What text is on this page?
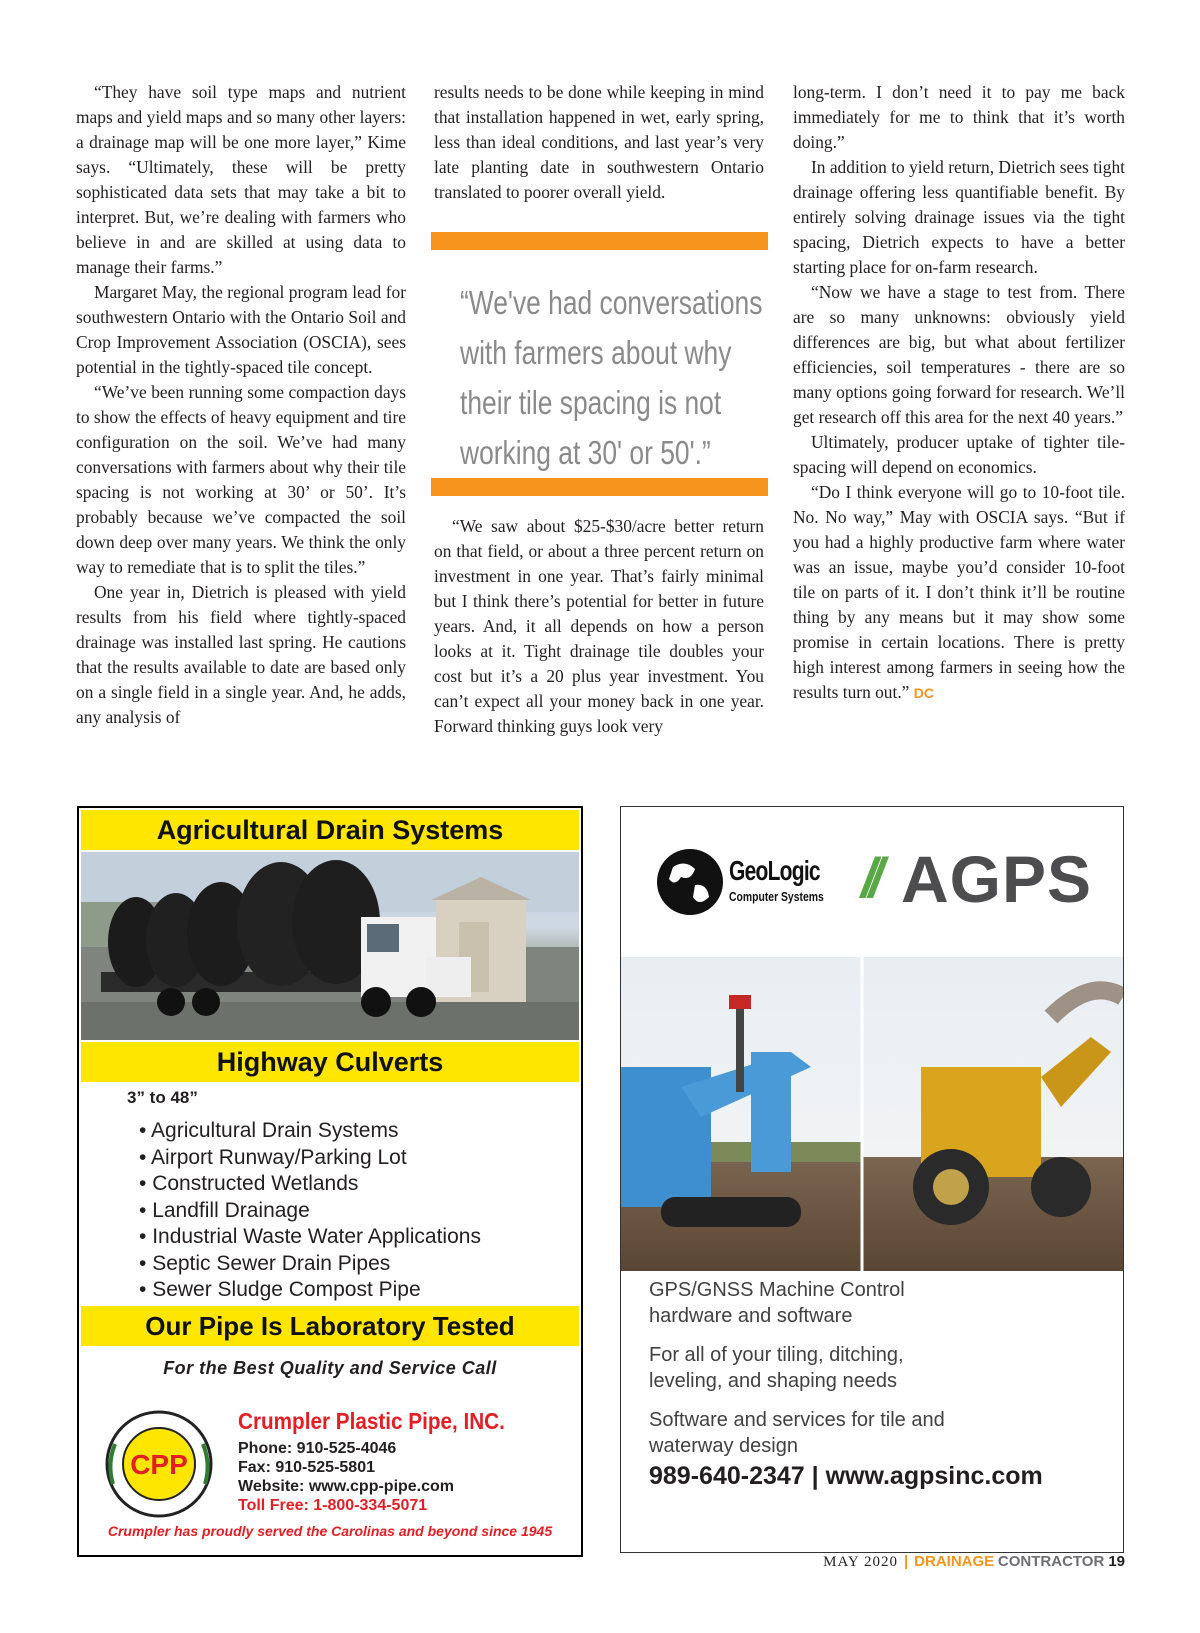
“They have soil type maps and nutrient maps and yield maps and so many other layers: a drainage map will be one more layer,” Kime says. “Ultimately, these will be pretty sophisticated data sets that may take a bit to interpret. But, we’re dealing with farmers who believe in and are skilled at using data to manage their farms.”

Margaret May, the regional program lead for southwestern Ontario with the Ontario Soil and Crop Improvement Association (OSCIA), sees potential in the tightly-spaced tile concept.

“We’ve been running some compaction days to show the effects of heavy equipment and tire configuration on the soil. We’ve had many conversations with farmers about why their tile spacing is not working at 30’ or 50’. It’s probably because we’ve compacted the soil down deep over many years. We think the only way to remediate that is to split the tiles.”

One year in, Dietrich is pleased with yield results from his field where tightly-spaced drainage was installed last spring. He cautions that the results available to date are based only on a single field in a single year. And, he adds, any analysis of

results needs to be done while keeping in mind that installation happened in wet, early spring, less than ideal conditions, and last year’s very late planting date in southwestern Ontario translated to poorer overall yield.

“We've had conversations with farmers about why their tile spacing is not working at 30' or 50'.”

“We saw about $25-$30/acre better return on that field, or about a three percent return on investment in one year. That’s fairly minimal but I think there’s potential for better in future years. And, it all depends on how a person looks at it. Tight drainage tile doubles your cost but it’s a 20 plus year investment. You can’t expect all your money back in one year. Forward thinking guys look very

long-term. I don’t need it to pay me back immediately for me to think that it’s worth doing.”

In addition to yield return, Dietrich sees tight drainage offering less quantifiable benefit. By entirely solving drainage issues via the tight spacing, Dietrich expects to have a better starting place for on-farm research.

“Now we have a stage to test from. There are so many unknowns: obviously yield differences are big, but what about fertilizer efficiencies, soil temperatures - there are so many options going forward for research. We’ll get research off this area for the next 40 years.”

Ultimately, producer uptake of tighter tile-spacing will depend on economics.

“Do I think everyone will go to 10-foot tile. No. No way,” May with OSCIA says. “But if you had a highly productive farm where water was an issue, maybe you’d consider 10-foot tile on parts of it. I don’t think it’ll be routine thing by any means but it may show some promise in certain locations. There is pretty high interest among farmers in seeing how the results turn out.” DC

Agricultural Drain Systems
Highway Culverts
3” to 48”
• Agricultural Drain Systems
• Airport Runway/Parking Lot
• Constructed Wetlands
• Landfill Drainage
• Industrial Waste Water Applications
• Septic Sewer Drain Pipes
• Sewer Sludge Compost Pipe
Our Pipe Is Laboratory Tested
For the Best Quality and Service Call
CPP
Crumpler Plastic Pipe, INC.
Phone: 910-525-4046
Fax: 910-525-5801
Website: www.cpp-pipe.com
Toll Free: 1-800-334-5071
Crumpler has proudly served the Carolinas and beyond since 1945
GeoLogic
Computer Systems // AGPS
GPS/GNSS Machine Control hardware and software
For all of your tiling, ditching, leveling, and shaping needs
Software and services for tile and waterway design
989-640-2347 | www.agpsinc.com
MAY 2020 | DRAINAGE CONTRACTOR 19
